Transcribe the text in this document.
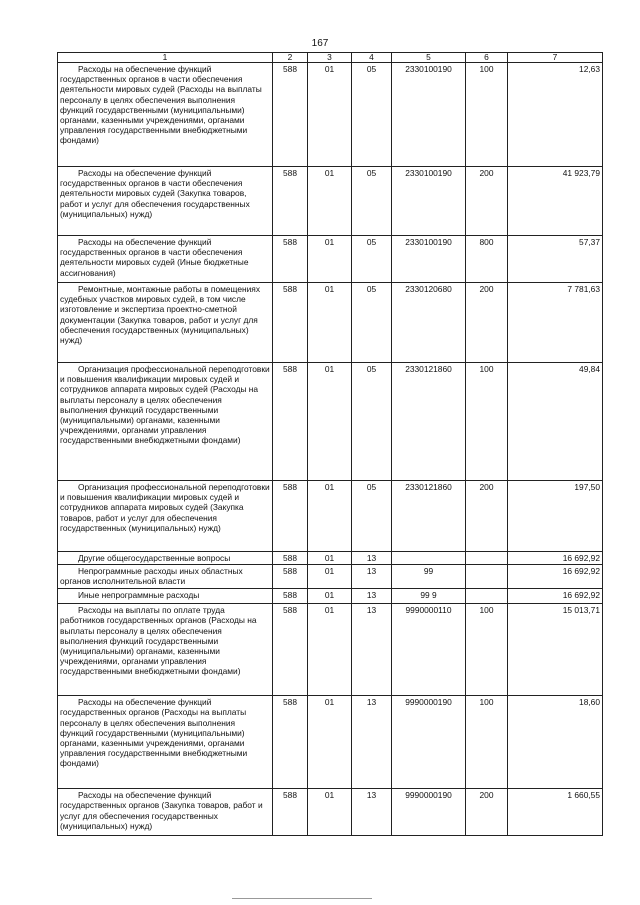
167
1	2	3	4	5	6	7
Расходы на обеспечение функций государственных органов в части обеспечения деятельности мировых судей (Расходы на выплаты персоналу в целях обеспечения выполнения функций государственными (муниципальными) органами, казенными учреждениями, органами управления государственными внебюджетными фондами)	588	01	05	2330100190	100	12,63
Расходы на обеспечение функций государственных органов в части обеспечения деятельности мировых судей (Закупка товаров, работ и услуг для обеспечения государственных (муниципальных) нужд)	588	01	05	2330100190	200	41 923,79
Расходы на обеспечение функций государственных органов в части обеспечения деятельности мировых судей (Иные бюджетные ассигнования)	588	01	05	2330100190	800	57,37
Ремонтные, монтажные работы в помещениях судебных участков мировых судей, в том числе изготовление и экспертиза проектно-сметной документации (Закупка товаров, работ и услуг для обеспечения государственных (муниципальных) нужд)	588	01	05	2330120680	200	7 781,63
Организация профессиональной переподготовки и повышения квалификации мировых судей и сотрудников аппарата мировых судей (Расходы на выплаты персоналу в целях обеспечения выполнения функций государственными (муниципальными) органами, казенными учреждениями, органами управления государственными внебюджетными фондами)	588	01	05	2330121860	100	49,84
Организация профессиональной переподготовки и повышения квалификации мировых судей и сотрудников аппарата мировых судей (Закупка товаров, работ и услуг для обеспечения государственных (муниципальных) нужд)	588	01	05	2330121860	200	197,50
Другие общегосударственные вопросы	588	01	13			16 692,92
Непрограммные расходы иных областных органов исполнительной власти	588	01	13	99		16 692,92
Иные непрограммные расходы	588	01	13	99 9		16 692,92
Расходы на выплаты по оплате труда работников государственных органов (Расходы на выплаты персоналу в целях обеспечения выполнения функций государственными (муниципальными) органами, казенными учреждениями, органами управления государственными внебюджетными фондами)	588	01	13	9990000110	100	15 013,71
Расходы на обеспечение функций государственных органов (Расходы на выплаты персоналу в целях обеспечения выполнения функций государственными (муниципальными) органами, казенными учреждениями, органами управления государственными внебюджетными фондами)	588	01	13	9990000190	100	18,60
Расходы на обеспечение функций государственных органов (Закупка товаров, работ и услуг для обеспечения государственных (муниципальных) нужд)	588	01	13	9990000190	200	1 660,55
